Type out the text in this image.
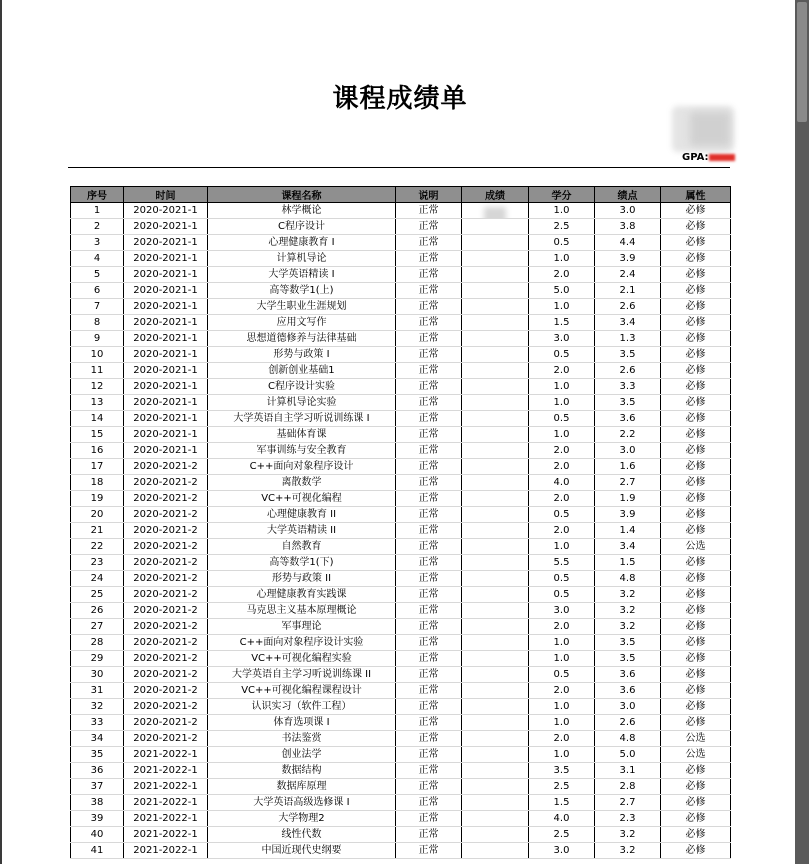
课程成绩单
GPA:
序号	时间	课程名称	说明	成绩	学分	绩点	属性
1	2020-2021-1	林学概论	正常		1.0	3.0	必修
2	2020-2021-1	C程序设计	正常		2.5	3.8	必修
3	2020-2021-1	心理健康教育 I	正常		0.5	4.4	必修
4	2020-2021-1	计算机导论	正常		1.0	3.9	必修
5	2020-2021-1	大学英语精读 I	正常		2.0	2.4	必修
6	2020-2021-1	高等数学1(上)	正常		5.0	2.1	必修
7	2020-2021-1	大学生职业生涯规划	正常		1.0	2.6	必修
8	2020-2021-1	应用文写作	正常		1.5	3.4	必修
9	2020-2021-1	思想道德修养与法律基础	正常		3.0	1.3	必修
10	2020-2021-1	形势与政策 I	正常		0.5	3.5	必修
11	2020-2021-1	创新创业基础1	正常		2.0	2.6	必修
12	2020-2021-1	C程序设计实验	正常		1.0	3.3	必修
13	2020-2021-1	计算机导论实验	正常		1.0	3.5	必修
14	2020-2021-1	大学英语自主学习听说训练课 I	正常		0.5	3.6	必修
15	2020-2021-1	基础体育课	正常		1.0	2.2	必修
16	2020-2021-1	军事训练与安全教育	正常		2.0	3.0	必修
17	2020-2021-2	C++面向对象程序设计	正常		2.0	1.6	必修
18	2020-2021-2	离散数学	正常		4.0	2.7	必修
19	2020-2021-2	VC++可视化编程	正常		2.0	1.9	必修
20	2020-2021-2	心理健康教育 II	正常		0.5	3.9	必修
21	2020-2021-2	大学英语精读 II	正常		2.0	1.4	必修
22	2020-2021-2	自然教育	正常		1.0	3.4	公选
23	2020-2021-2	高等数学1(下)	正常		5.5	1.5	必修
24	2020-2021-2	形势与政策 II	正常		0.5	4.8	必修
25	2020-2021-2	心理健康教育实践课	正常		0.5	3.2	必修
26	2020-2021-2	马克思主义基本原理概论	正常		3.0	3.2	必修
27	2020-2021-2	军事理论	正常		2.0	3.2	必修
28	2020-2021-2	C++面向对象程序设计实验	正常		1.0	3.5	必修
29	2020-2021-2	VC++可视化编程实验	正常		1.0	3.5	必修
30	2020-2021-2	大学英语自主学习听说训练课 II	正常		0.5	3.6	必修
31	2020-2021-2	VC++可视化编程课程设计	正常		2.0	3.6	必修
32	2020-2021-2	认识实习（软件工程）	正常		1.0	3.0	必修
33	2020-2021-2	体育选项课 I	正常		1.0	2.6	必修
34	2020-2021-2	书法鉴赏	正常		2.0	4.8	公选
35	2021-2022-1	创业法学	正常		1.0	5.0	公选
36	2021-2022-1	数据结构	正常		3.5	3.1	必修
37	2021-2022-1	数据库原理	正常		2.5	2.8	必修
38	2021-2022-1	大学英语高级选修课 I	正常		1.5	2.7	必修
39	2021-2022-1	大学物理2	正常		4.0	2.3	必修
40	2021-2022-1	线性代数	正常		2.5	3.2	必修
41	2021-2022-1	中国近现代史纲要	正常		3.0	3.2	必修
